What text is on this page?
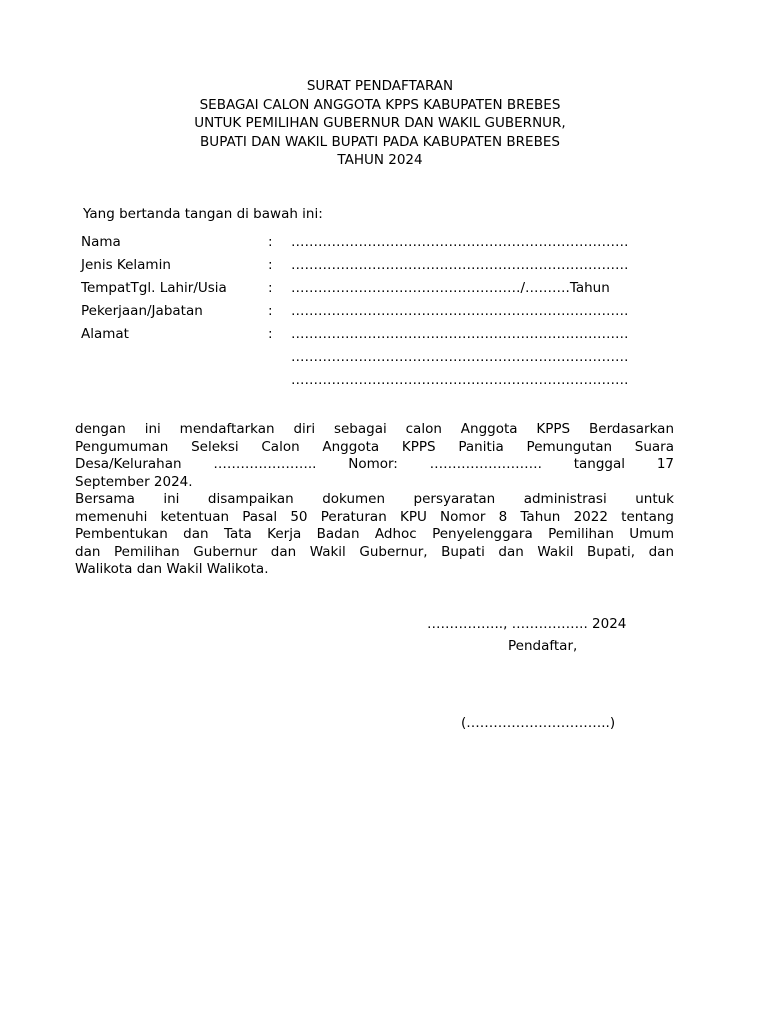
SURAT PENDAFTARAN
SEBAGAI CALON ANGGOTA KPPS KABUPATEN BREBES
UNTUK PEMILIHAN GUBERNUR DAN WAKIL GUBERNUR,
BUPATI DAN WAKIL BUPATI PADA KABUPATEN BREBES
TAHUN 2024
Yang bertanda tangan di bawah ini:
Nama	: …………………………………………………………………
Jenis Kelamin	: …………………………………………………………………
TempatTgl. Lahir/Usia	: ……………………………………………/……….Tahun
Pekerjaan/Jabatan	: …………………………………………………………………
Alamat	: …………………………………………………………………
…………………………………………………………………
…………………………………………………………………
dengan ini mendaftarkan diri sebagai calon Anggota KPPS Berdasarkan
Pengumuman Seleksi Calon Anggota KPPS Panitia Pemungutan Suara
Desa/Kelurahan ………………….. Nomor: ……………………. tanggal 17
September 2024.
Bersama ini disampaikan dokumen persyaratan administrasi untuk
memenuhi ketentuan Pasal 50 Peraturan KPU Nomor 8 Tahun 2022 tentang
Pembentukan dan Tata Kerja Badan Adhoc Penyelenggara Pemilihan Umum
dan Pemilihan Gubernur dan Wakil Gubernur, Bupati dan Wakil Bupati, dan
Walikota dan Wakil Walikota.
…………….., …………….. 2024
Pendaftar,
(…………………………..)
